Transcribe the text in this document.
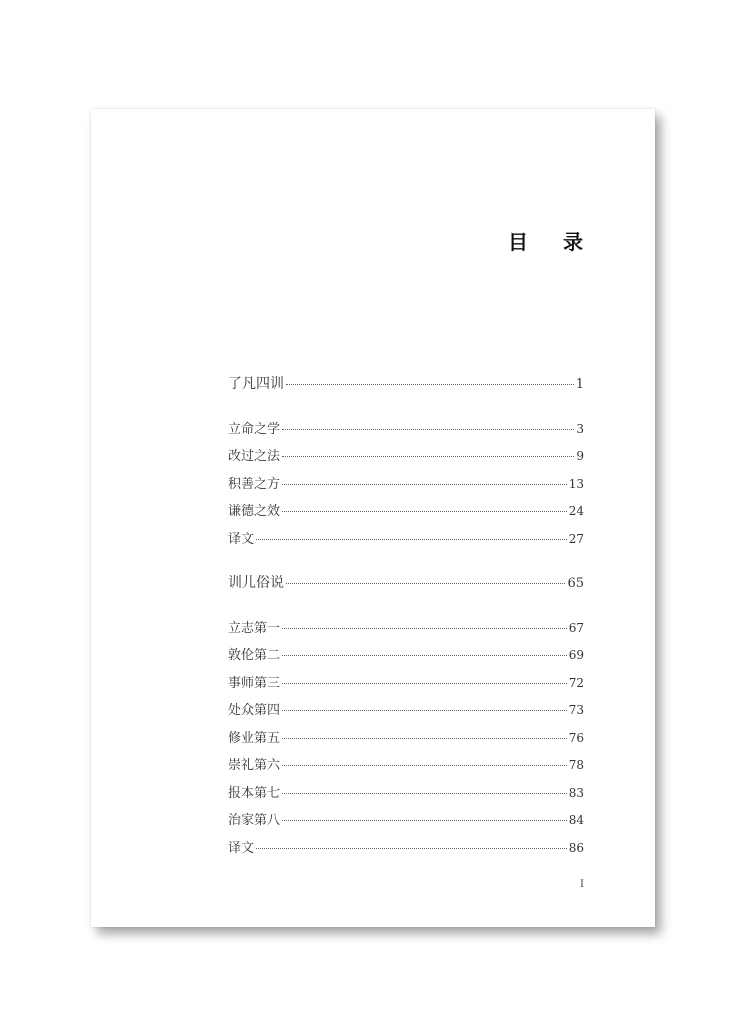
目 录
了凡四训	1
立命之学	3
改过之法	9
积善之方	13
谦德之效	24
译文	27
训儿俗说	65
立志第一	67
敦伦第二	69
事师第三	72
处众第四	73
修业第五	76
崇礼第六	78
报本第七	83
治家第八	84
译文	86
I
